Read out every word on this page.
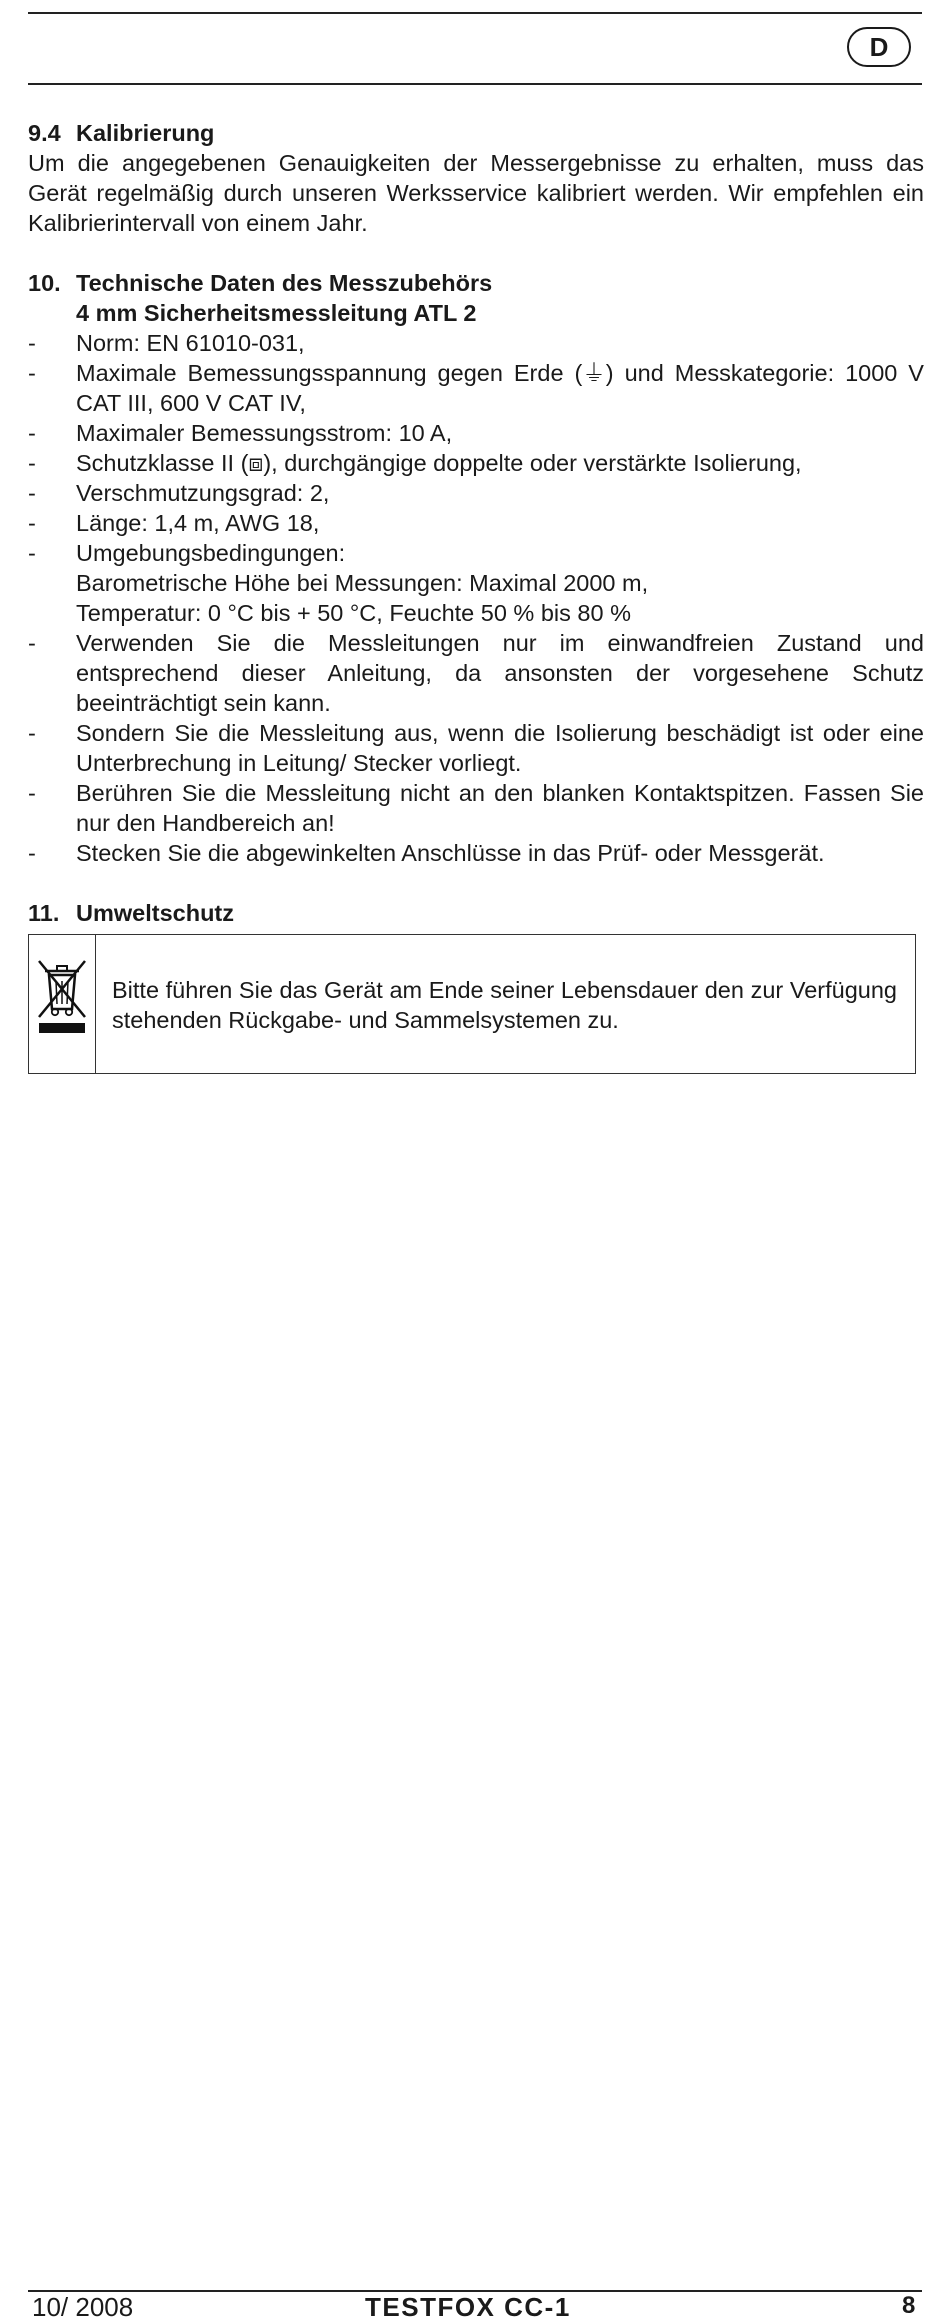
D
9.4 Kalibrierung

Um die angegebenen Genauigkeiten der Messergebnisse zu erhalten, muss das Gerät regelmäßig durch unseren Werksservice kalibriert werden. Wir empfehlen ein Kalibrierintervall von einem Jahr.

10. Technische Daten des Messzubehörs

4 mm Sicherheitsmessleitung ATL 2

- Norm: EN 61010-031,
- Maximale Bemessungsspannung gegen Erde (⏚) und Messkategorie: 1000 V CAT III, 600 V CAT IV,
- Maximaler Bemessungsstrom: 10 A,
- Schutzklasse II (⧈), durchgängige doppelte oder verstärkte Isolierung,
- Verschmutzungsgrad: 2,
- Länge: 1,4 m, AWG 18,
- Umgebungsbedingungen:
Barometrische Höhe bei Messungen: Maximal 2000 m,
Temperatur: 0 °C bis + 50 °C, Feuchte 50 % bis 80 %
- Verwenden Sie die Messleitungen nur im einwandfreien Zustand und entsprechend dieser Anleitung, da ansonsten der vorgesehene Schutz beeinträchtigt sein kann.
- Sondern Sie die Messleitung aus, wenn die Isolierung beschädigt ist oder eine Unterbrechung in Leitung/ Stecker vorliegt.
- Berühren Sie die Messleitung nicht an den blanken Kontaktspitzen. Fassen Sie nur den Handbereich an!
- Stecken Sie die abgewinkelten Anschlüsse in das Prüf- oder Messgerät.
11. Umweltschutz
Bitte führen Sie das Gerät am Ende seiner Lebensdauer den zur Verfügung stehenden Rückgabe- und Sammelsystemen zu.
10/ 2008	TESTFOX CC-1	8
